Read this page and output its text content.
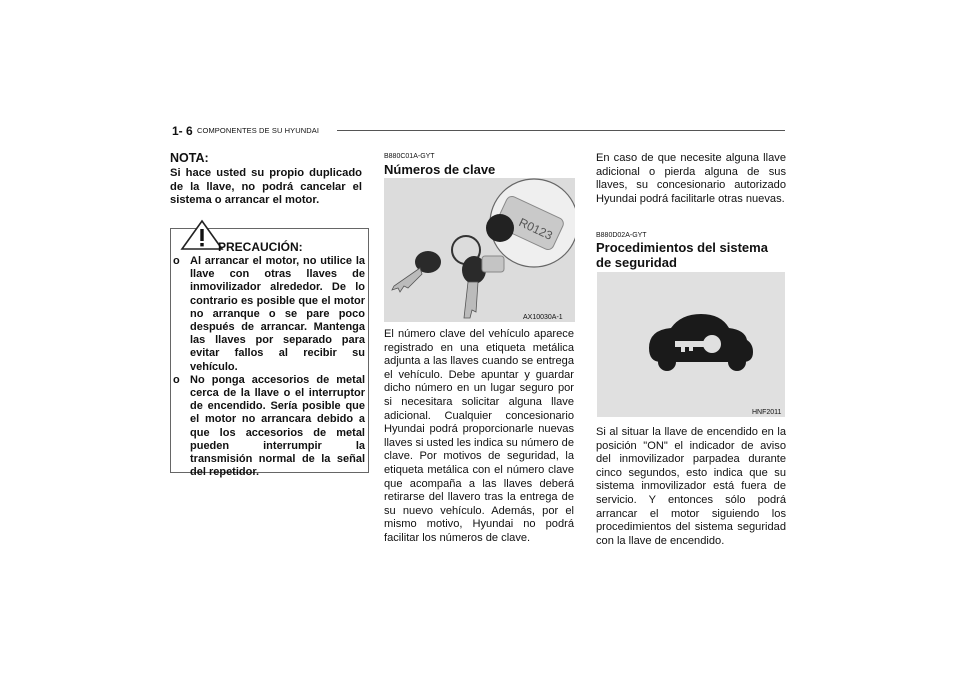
1- 6 COMPONENTES DE SU HYUNDAI
NOTA:
Si hace usted su propio duplicado de la llave, no podrá cancelar el sistema o arrancar el motor.
PRECAUCIÓN:
o Al arrancar el motor, no utilice la llave con otras llaves de inmovilizador alrededor. De lo contrario es posible que el motor no arranque o se pare poco después de arrancar. Mantenga las llaves por separado para evitar fallos al recibir su vehículo.
o No ponga accesorios de metal cerca de la llave o el interruptor de encendido. Sería posible que el motor no arrancara debido a que los accesorios de metal pueden interrumpir la transmisión normal de la señal del repetidor.
B880C01A-GYT
Números de clave
R0123
AX10030A-1
El número clave del vehículo aparece registrado en una etiqueta metálica adjunta a las llaves cuando se entrega el vehículo. Debe apuntar y guardar dicho número en un lugar seguro por si necesitara solicitar alguna llave adicional. Cualquier concesionario Hyundai podrá proporcionarle nuevas llaves si usted les indica su número de clave. Por motivos de seguridad, la etiqueta metálica con el número clave que acompaña a las llaves deberá retirarse del llavero tras la entrega de su nuevo vehículo. Además, por el mismo motivo, Hyundai no podrá facilitar los números de clave.
En caso de que necesite alguna llave adicional o pierda alguna de sus llaves, su concesionario autorizado Hyundai podrá facilitarle otras nuevas.
B880D02A-GYT
Procedimientos del sistema de seguridad
HNF2011
Si al situar la llave de encendido en la posición "ON" el indicador de aviso del inmovilizador parpadea durante cinco segundos, esto indica que su sistema inmovilizador está fuera de servicio. Y entonces sólo podrá arrancar el motor siguiendo los procedimientos del sistema seguridad con la llave de encendido.
